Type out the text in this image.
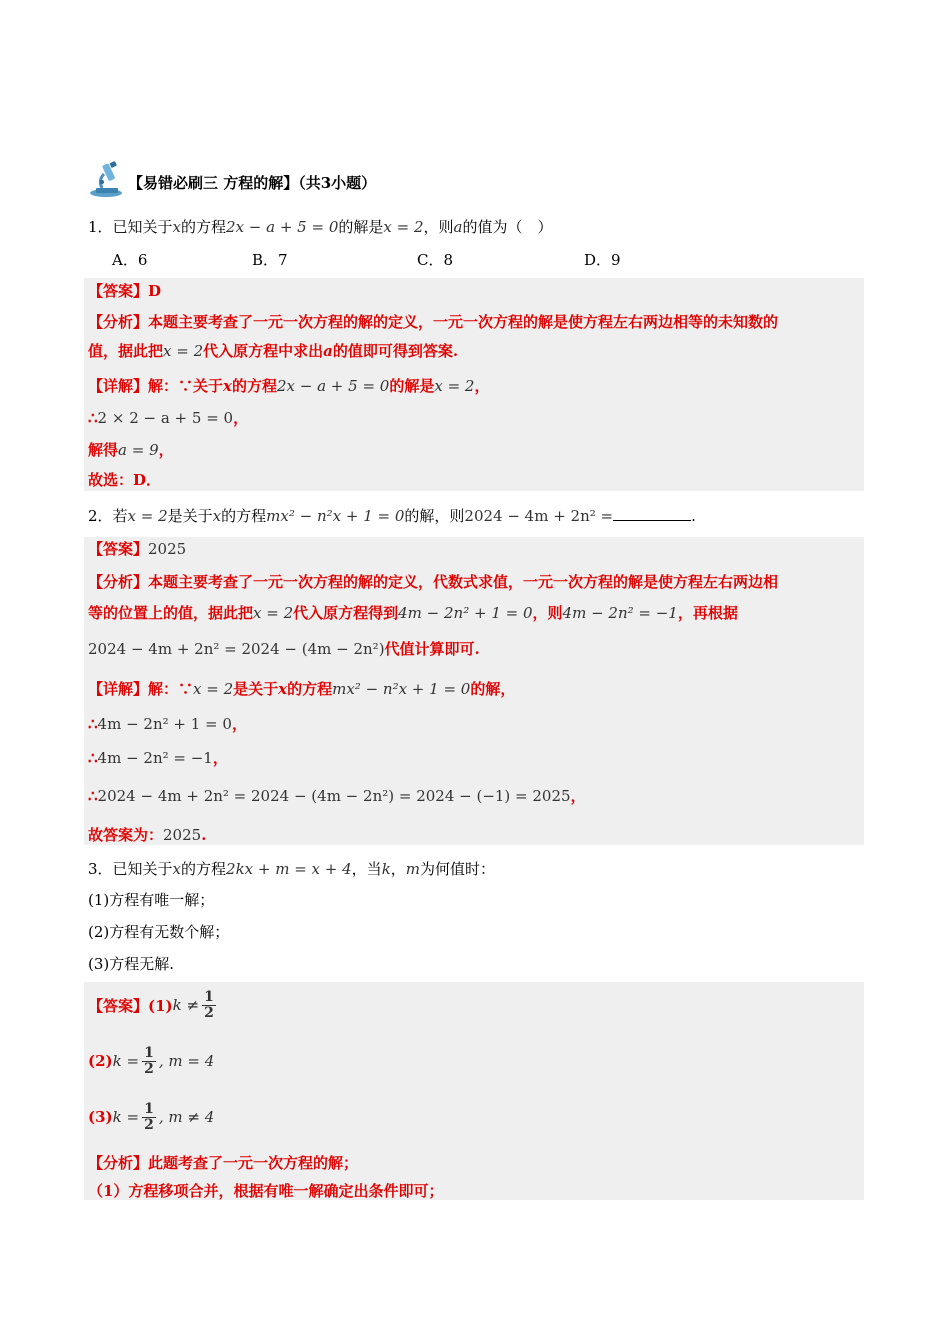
【易错必刷三 方程的解】（共3小题）
1．已知关于x的方程2x − a + 5 = 0的解是x = 2，则a的值为（　）
A．6	B．7	C．8	D．9
【答案】D
【分析】本题主要考查了一元一次方程的解的定义，一元一次方程的解是使方程左右两边相等的未知数的
值，据此把x = 2代入原方程中求出a的值即可得到答案.
【详解】解：∵关于x的方程2x − a + 5 = 0的解是x = 2，
∴2 × 2 − a + 5 = 0，
解得a = 9，
故选：D．
2．若x = 2是关于x的方程mx² − n²x + 1 = 0的解，则2024 − 4m + 2n² =	.
【答案】2025
【分析】本题主要考查了一元一次方程的解的定义，代数式求值，一元一次方程的解是使方程左右两边相
等的位置上的值，据此把x = 2代入原方程得到4m − 2n² + 1 = 0，则4m − 2n² = −1，再根据
2024 − 4m + 2n² = 2024 − (4m − 2n²)代值计算即可.
【详解】解：∵x = 2是关于x的方程mx² − n²x + 1 = 0的解，
∴4m − 2n² + 1 = 0，
∴4m − 2n² = −1，
∴2024 − 4m + 2n² = 2024 − (4m − 2n²) = 2024 − (−1) = 2025，
故答案为：2025.
3．已知关于x的方程2kx + m = x + 4，当k，m为何值时：
(1)方程有唯一解；
(2)方程有无数个解；
(3)方程无解.
【答案】(1) $k \ne \frac{1}{2}$
(2) $k = \frac{1}{2}$ , m = 4
(3) $k = \frac{1}{2}$ , m ≠ 4
【分析】此题考查了一元一次方程的解；
（1）方程移项合并，根据有唯一解确定出条件即可；
